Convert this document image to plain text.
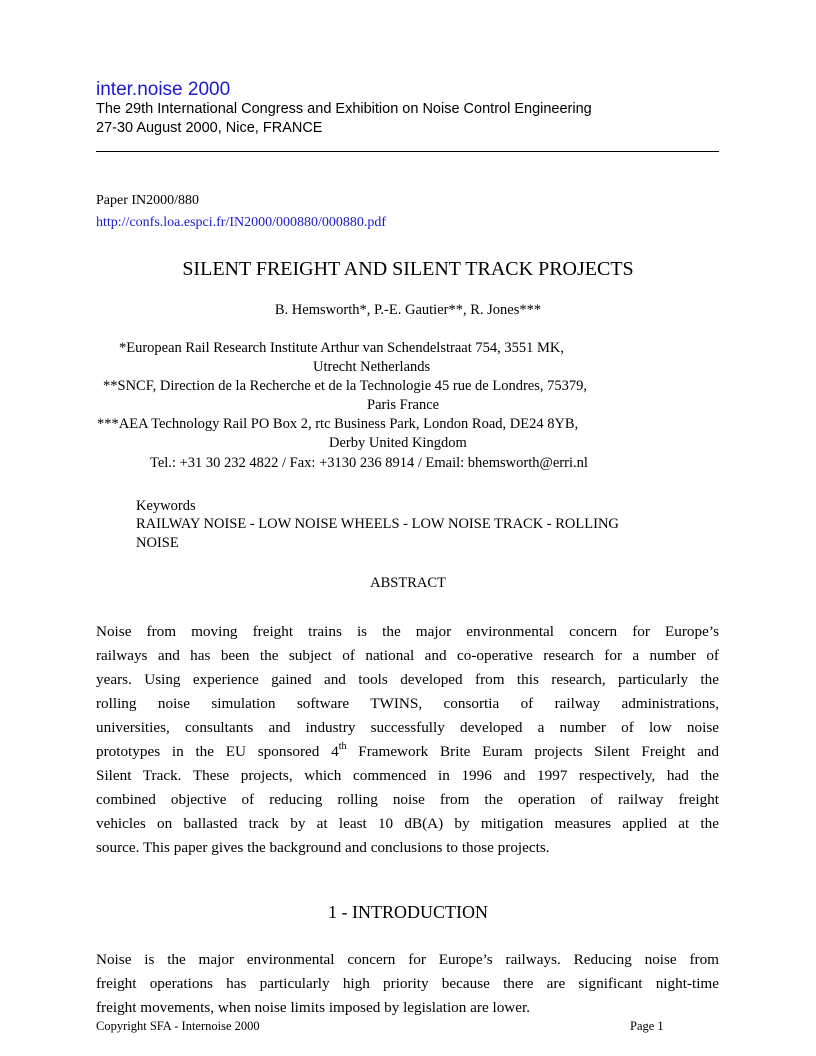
inter.noise 2000
The 29th International Congress and Exhibition on Noise Control Engineering
27-30 August 2000, Nice, FRANCE
Paper IN2000/880
http://confs.loa.espci.fr/IN2000/000880/000880.pdf
SILENT FREIGHT AND SILENT TRACK PROJECTS
B. Hemsworth*, P.-E. Gautier**, R. Jones***
*European Rail Research Institute Arthur van Schendelstraat 754, 3551 MK,
Utrecht Netherlands
**SNCF, Direction de la Recherche et de la Technologie 45 rue de Londres, 75379,
Paris France
***AEA Technology Rail PO Box 2, rtc Business Park, London Road, DE24 8YB,
Derby United Kingdom
Tel.: +31 30 232 4822 / Fax: +3130 236 8914 / Email: bhemsworth@erri.nl
Keywords
RAILWAY NOISE - LOW NOISE WHEELS - LOW NOISE TRACK - ROLLING
NOISE
ABSTRACT
Noise from moving freight trains is the major environmental concern for Europe’s
railways and has been the subject of national and co-operative research for a number of
years. Using experience gained and tools developed from this research, particularly the
rolling noise simulation software TWINS, consortia of railway administrations,
universities, consultants and industry successfully developed a number of low noise
prototypes in the EU sponsored 4th Framework Brite Euram projects Silent Freight and
Silent Track. These projects, which commenced in 1996 and 1997 respectively, had the
combined objective of reducing rolling noise from the operation of railway freight
vehicles on ballasted track by at least 10 dB(A) by mitigation measures applied at the
source. This paper gives the background and conclusions to those projects.
1 - INTRODUCTION
Noise is the major environmental concern for Europe’s railways. Reducing noise from
freight operations has particularly high priority because there are significant night-time
freight movements, when noise limits imposed by legislation are lower.
Copyright SFA - Internoise 2000	Page 1
